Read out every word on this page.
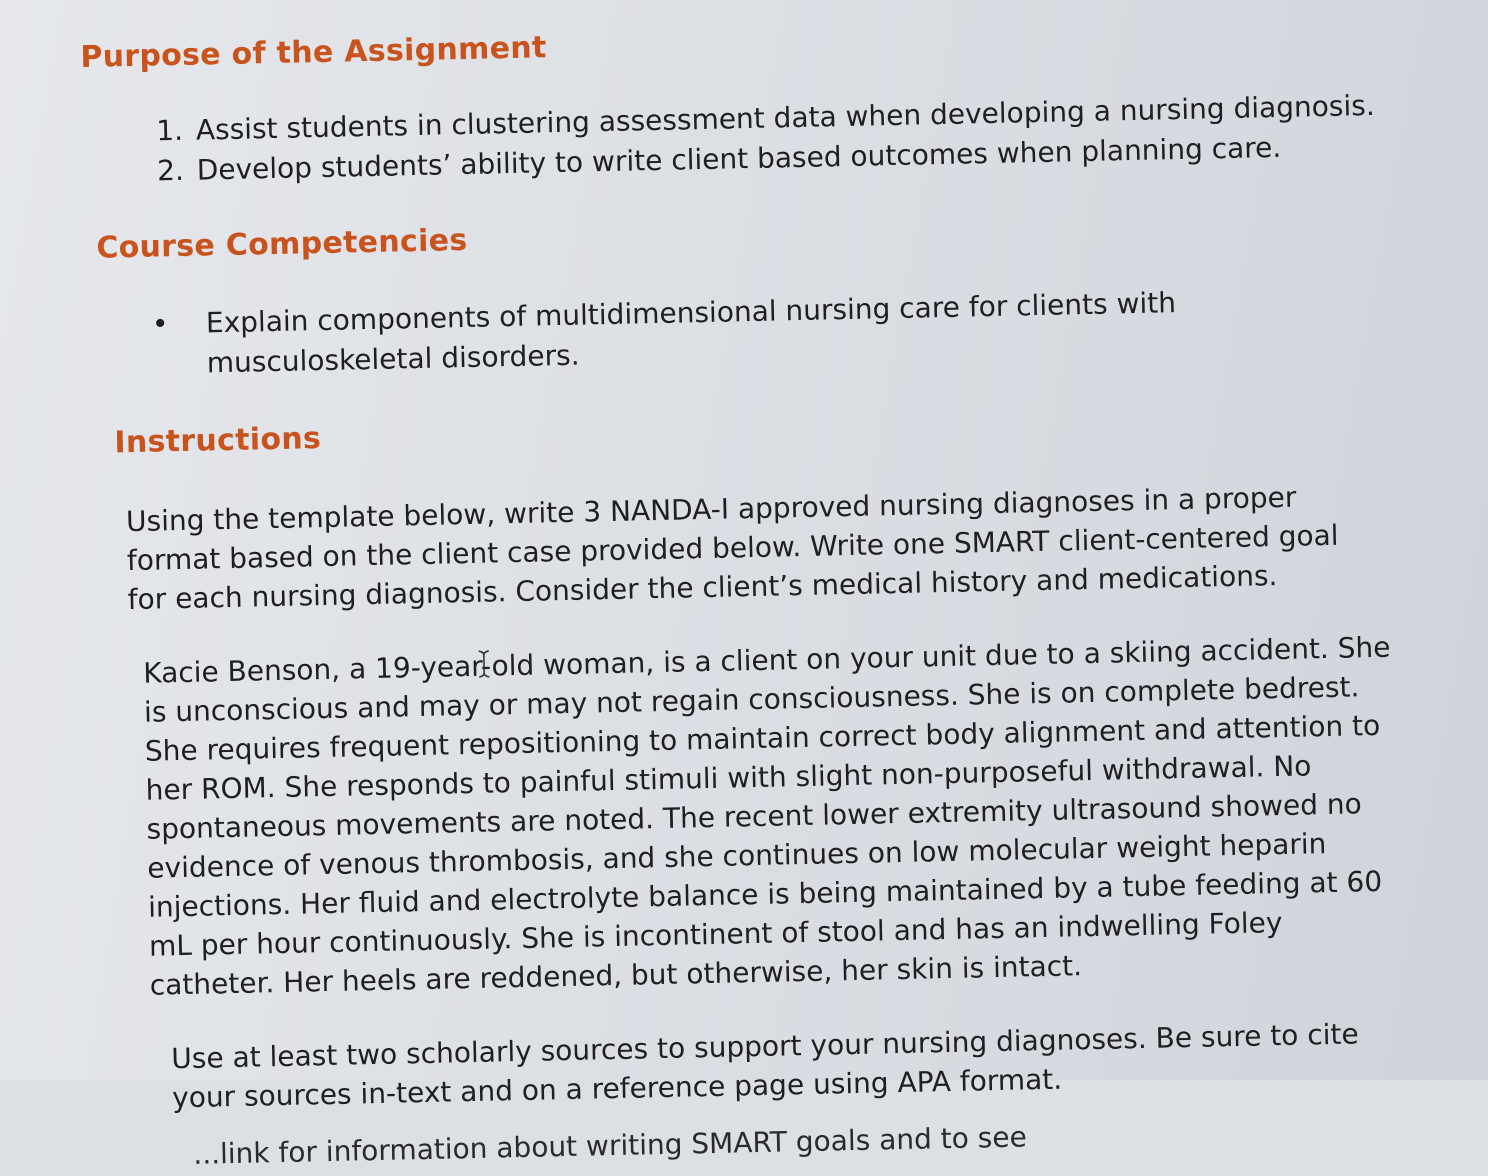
Purpose of the Assignment
1. Assist students in clustering assessment data when developing a nursing diagnosis.
2. Develop students’ ability to write client based outcomes when planning care.
Course Competencies
• Explain components of multidimensional nursing care for clients with musculoskeletal disorders.
Instructions

Using the template below, write 3 NANDA-I approved nursing diagnoses in a proper format based on the client case provided below. Write one SMART client-centered goal for each nursing diagnosis. Consider the client’s medical history and medications.

Kacie Benson, a 19-year-old woman, is a client on your unit due to a skiing accident. She is unconscious and may or may not regain consciousness. She is on complete bedrest. She requires frequent repositioning to maintain correct body alignment and attention to her ROM. She responds to painful stimuli with slight non-purposeful withdrawal. No spontaneous movements are noted. The recent lower extremity ultrasound showed no evidence of venous thrombosis, and she continues on low molecular weight heparin injections. Her fluid and electrolyte balance is being maintained by a tube feeding at 60 mL per hour continuously. She is incontinent of stool and has an indwelling Foley catheter. Her heels are reddened, but otherwise, her skin is intact.

Use at least two scholarly sources to support your nursing diagnoses. Be sure to cite your sources in-text and on a reference page using APA format.

...link for information about writing SMART goals and to see
